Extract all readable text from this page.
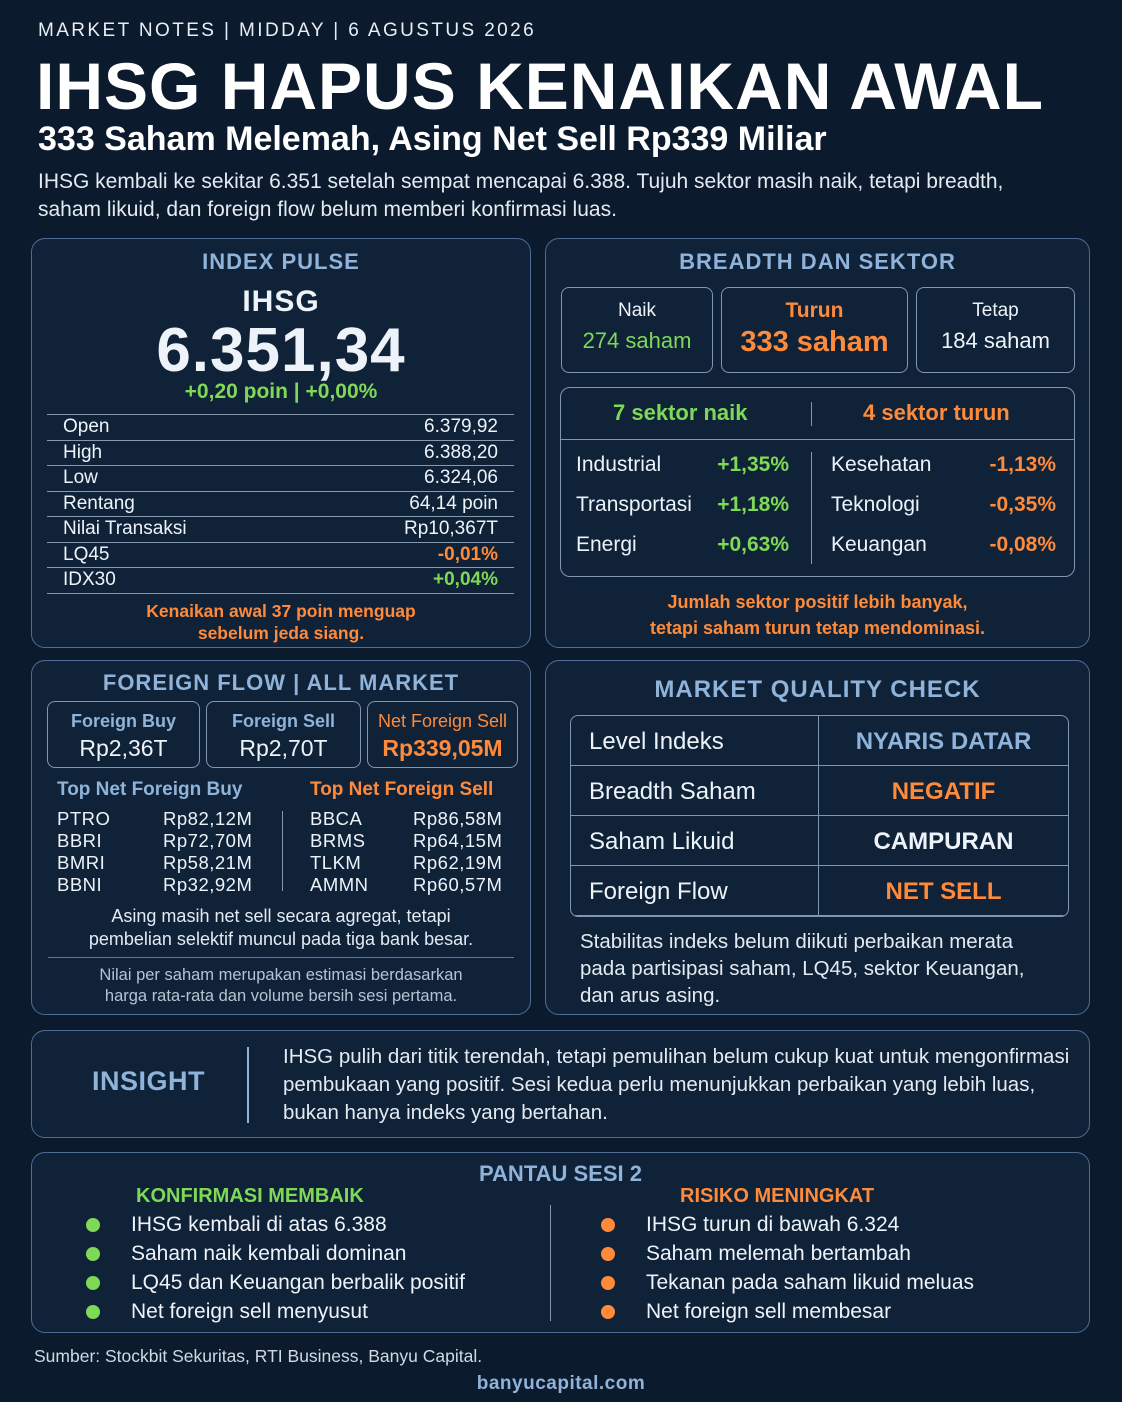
MARKET NOTES | MIDDAY | 6 AGUSTUS 2026
IHSG HAPUS KENAIKAN AWAL
333 Saham Melemah, Asing Net Sell Rp339 Miliar
IHSG kembali ke sekitar 6.351 setelah sempat mencapai 6.388. Tujuh sektor masih naik, tetapi breadth, saham likuid, dan foreign flow belum memberi konfirmasi luas.
INDEX PULSE
IHSG
6.351,34
+0,20 poin | +0,00%
Open	6.379,92
High	6.388,20
Low	6.324,06
Rentang	64,14 poin
Nilai Transaksi	Rp10,367T
LQ45	-0,01%
IDX30	+0,04%
Kenaikan awal 37 poin menguap
sebelum jeda siang.
BREADTH DAN SEKTOR
Naik
274 saham
Turun
333 saham
Tetap
184 saham
7 sektor naik	4 sektor turun
Industrial	+1,35%
Transportasi	+1,18%
Energi	+0,63%
Kesehatan	-1,13%
Teknologi	-0,35%
Keuangan	-0,08%
Jumlah sektor positif lebih banyak,
tetapi saham turun tetap mendominasi.
FOREIGN FLOW | ALL MARKET
Foreign Buy
Rp2,36T
Foreign Sell
Rp2,70T
Net Foreign Sell
Rp339,05M
Top Net Foreign Buy	Top Net Foreign Sell
PTRO	Rp82,12M
BBRI	Rp72,70M
BMRI	Rp58,21M
BBNI	Rp32,92M
BBCA	Rp86,58M
BRMS	Rp64,15M
TLKM	Rp62,19M
AMMN Rp60,57M
Asing masih net sell secara agregat, tetapi
pembelian selektif muncul pada tiga bank besar.
Nilai per saham merupakan estimasi berdasarkan
harga rata-rata dan volume bersih sesi pertama.
MARKET QUALITY CHECK
Level Indeks	NYARIS DATAR
Breadth Saham	NEGATIF
Saham Likuid	CAMPURAN
Foreign Flow	NET SELL
Stabilitas indeks belum diikuti perbaikan merata pada partisipasi saham, LQ45, sektor Keuangan, dan arus asing.
INSIGHT
IHSG pulih dari titik terendah, tetapi pemulihan belum cukup kuat untuk mengonfirmasi pembukaan yang positif. Sesi kedua perlu menunjukkan perbaikan yang lebih luas, bukan hanya indeks yang bertahan.
PANTAU SESI 2
KONFIRMASI MEMBAIK	RISIKO MENINGKAT
IHSG kembali di atas 6.388
Saham naik kembali dominan
LQ45 dan Keuangan berbalik positif
Net foreign sell menyusut
IHSG turun di bawah 6.324
Saham melemah bertambah
Tekanan pada saham likuid meluas
Net foreign sell membesar
Sumber: Stockbit Sekuritas, RTI Business, Banyu Capital.
banyucapital.com
